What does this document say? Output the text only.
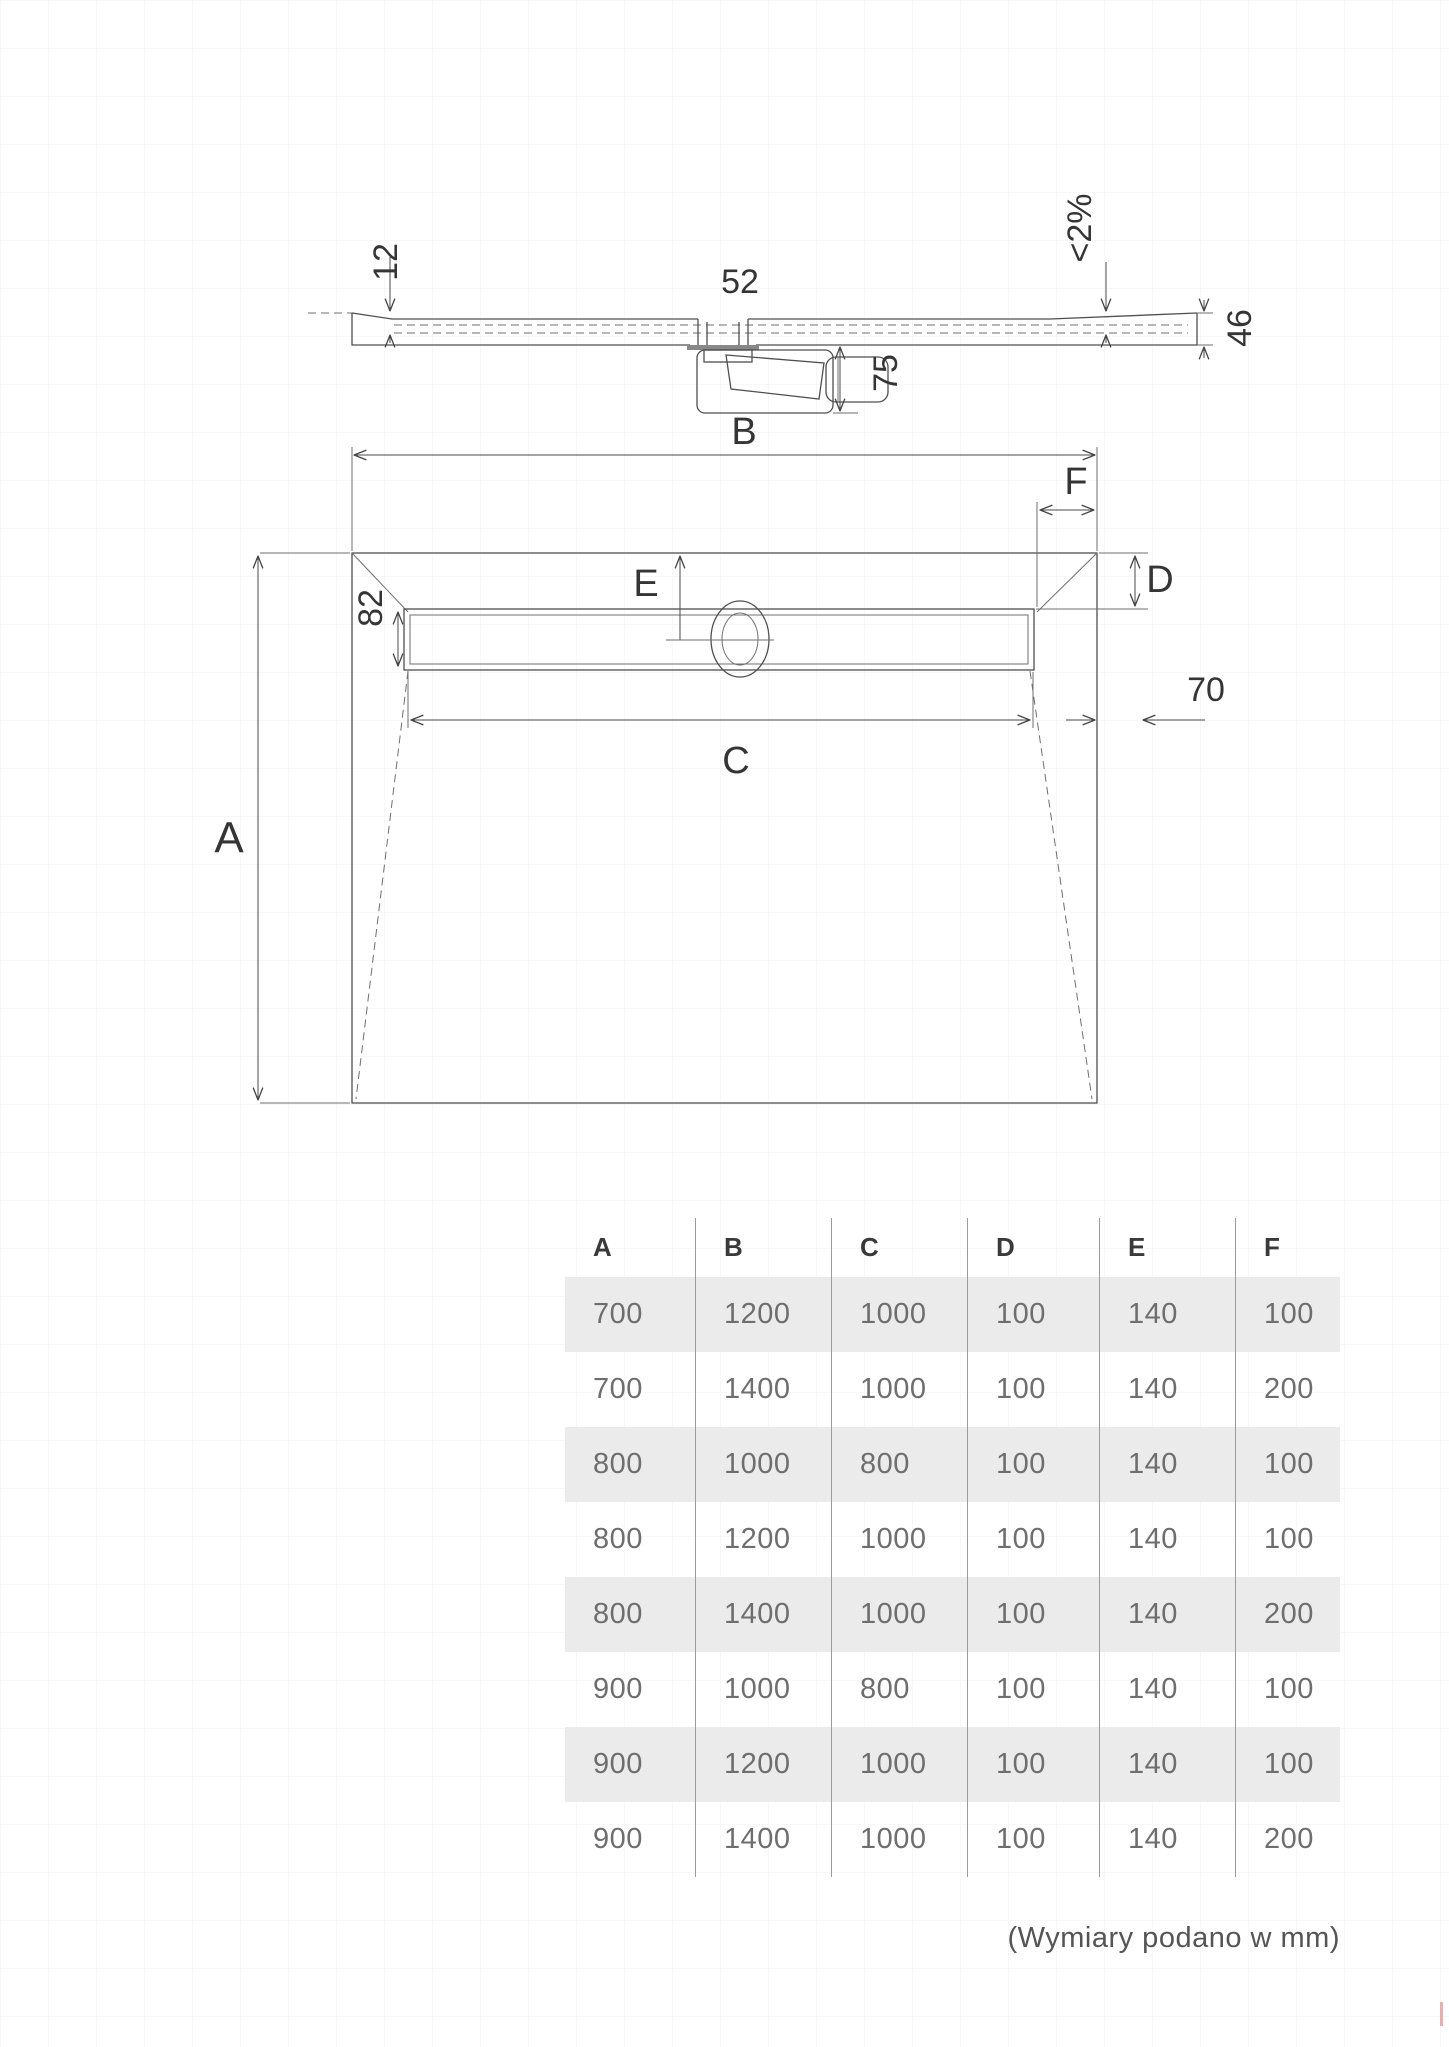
12
52
<2%
46
75
B
F
E	D
82
A
C
70
A	B	C	D	E	F
700	1200	1000	100	140	100
700	1400	1000	100	140	200
800	1000	800	100	140	100
800	1200	1000	100	140	100
800	1400	1000	100	140	200
900	1000	800	100	140	100
900	1200	1000	100	140	100
900	1400	1000	100	140	200
(Wymiary podano w mm)
